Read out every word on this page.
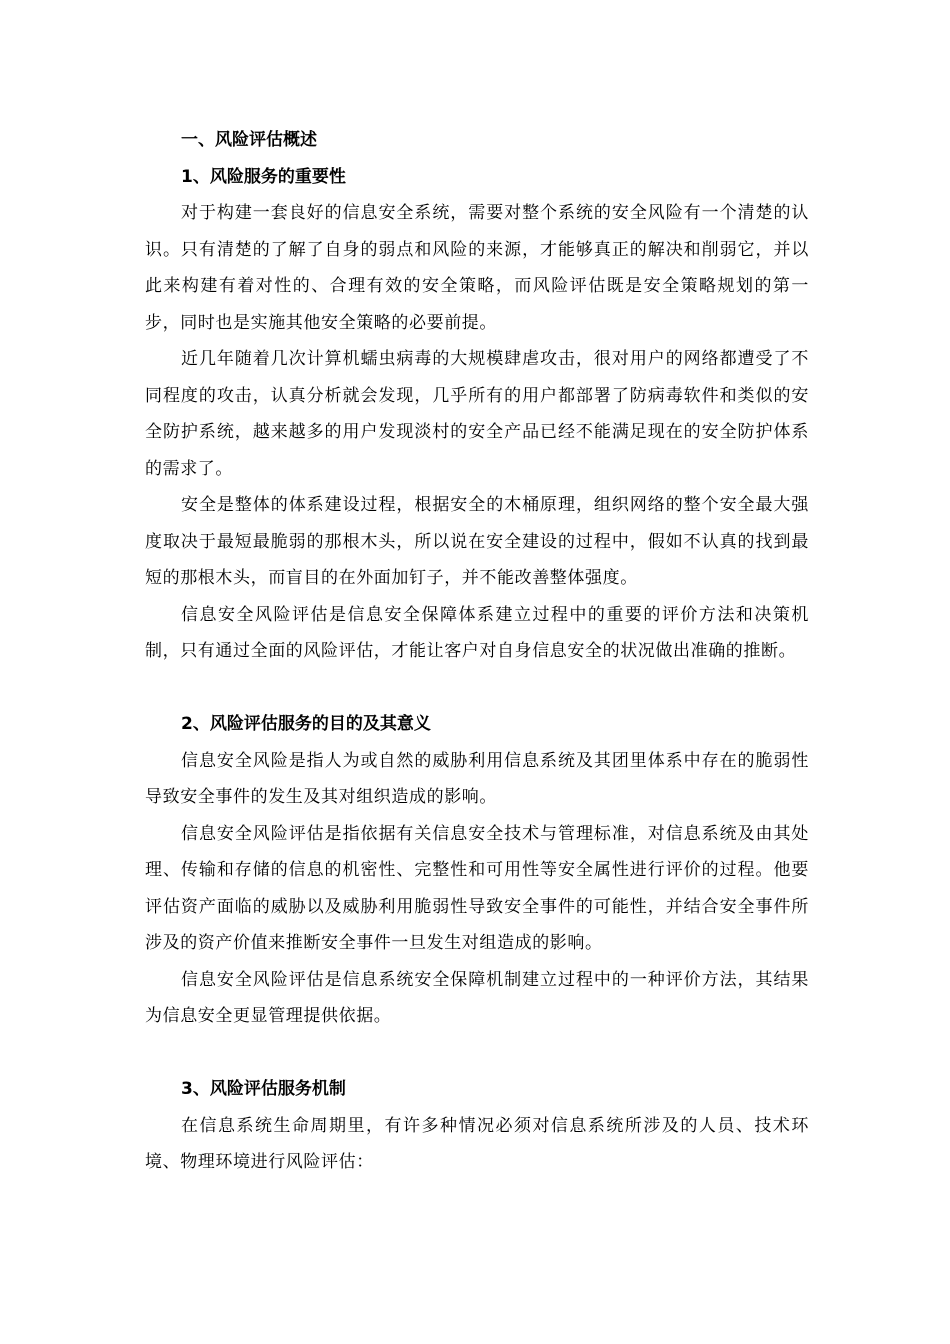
一、风险评估概述
1、风险服务的重要性

对于构建一套良好的信息安全系统，需要对整个系统的安全风险有一个清楚的认识。只有清楚的了解了自身的弱点和风险的来源，才能够真正的解决和削弱它，并以此来构建有着对性的、合理有效的安全策略，而风险评估既是安全策略规划的第一步，同时也是实施其他安全策略的必要前提。

近几年随着几次计算机蠕虫病毒的大规模肆虐攻击，很对用户的网络都遭受了不同程度的攻击，认真分析就会发现，几乎所有的用户都部署了防病毒软件和类似的安全防护系统，越来越多的用户发现淡村的安全产品已经不能满足现在的安全防护体系的需求了。

安全是整体的体系建设过程，根据安全的木桶原理，组织网络的整个安全最大强度取决于最短最脆弱的那根木头，所以说在安全建设的过程中，假如不认真的找到最短的那根木头，而盲目的在外面加钉子，并不能改善整体强度。

信息安全风险评估是信息安全保障体系建立过程中的重要的评价方法和决策机制，只有通过全面的风险评估，才能让客户对自身信息安全的状况做出准确的推断。

2、风险评估服务的目的及其意义

信息安全风险是指人为或自然的威胁利用信息系统及其团里体系中存在的脆弱性导致安全事件的发生及其对组织造成的影响。

信息安全风险评估是指依据有关信息安全技术与管理标准，对信息系统及由其处理、传输和存储的信息的机密性、完整性和可用性等安全属性进行评价的过程。他要评估资产面临的威胁以及威胁利用脆弱性导致安全事件的可能性，并结合安全事件所涉及的资产价值来推断安全事件一旦发生对组造成的影响。

信息安全风险评估是信息系统安全保障机制建立过程中的一种评价方法，其结果为信息安全更显管理提供依据。

3、风险评估服务机制

在信息系统生命周期里，有许多种情况必须对信息系统所涉及的人员、技术环境、物理环境进行风险评估：
